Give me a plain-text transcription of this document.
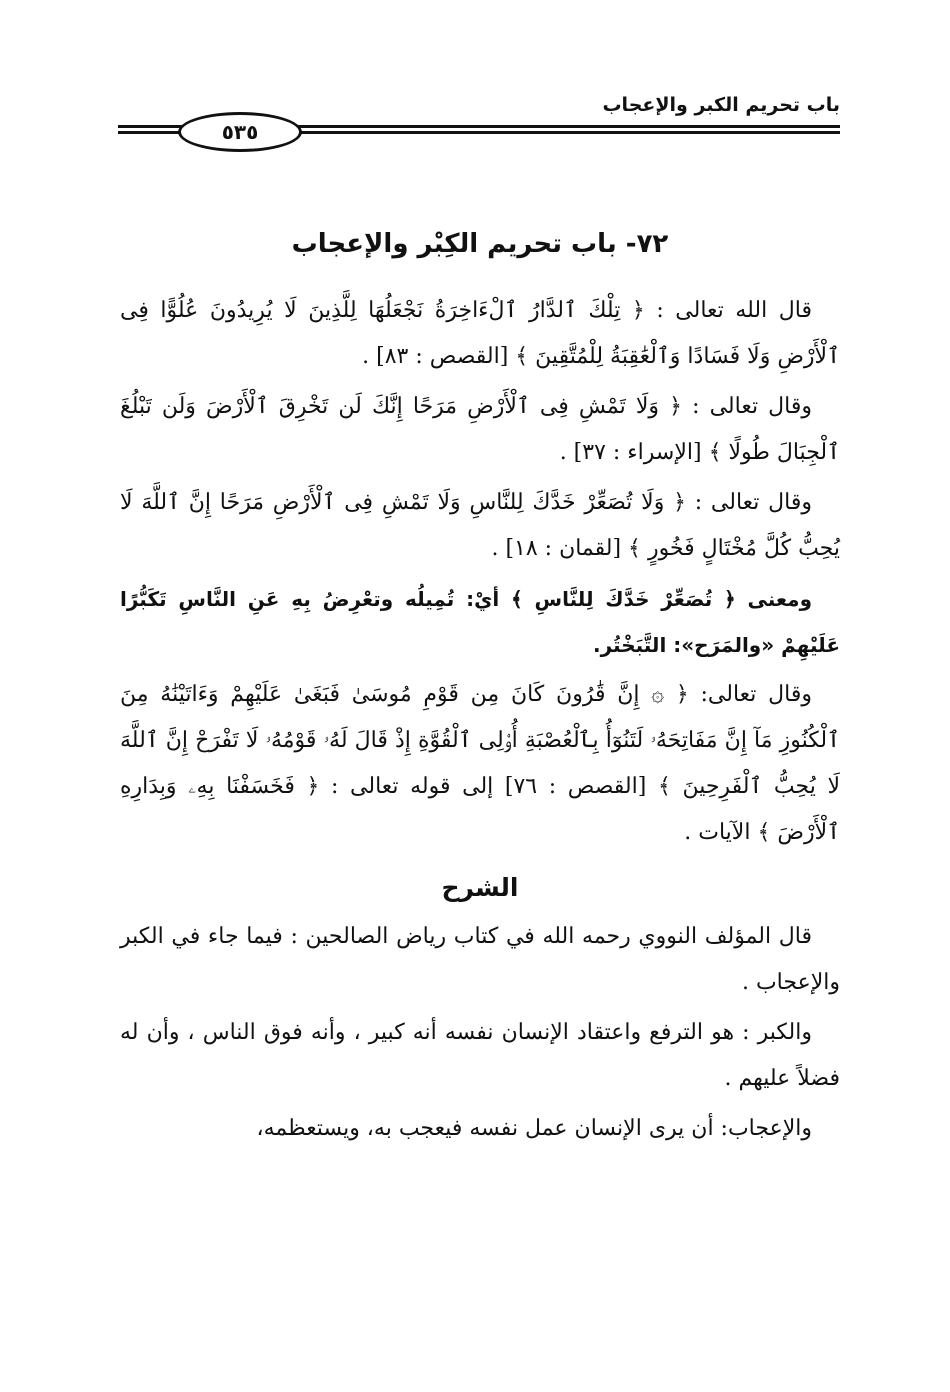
باب تحريم الكبر والإعجاب
٥٣٥
٧٢- باب تحريم الكِبْر والإعجاب

قال الله تعالى : ﴿ تِلْكَ ٱلدَّارُ ٱلْءَاخِرَةُ نَجْعَلُهَا لِلَّذِينَ لَا يُرِيدُونَ عُلُوًّا فِى ٱلْأَرْضِ وَلَا فَسَادًا وَٱلْعَٰقِبَةُ لِلْمُتَّقِينَ ﴾ [القصص : ٨٣] .

وقال تعالى : ﴿ وَلَا تَمْشِ فِى ٱلْأَرْضِ مَرَحًا إِنَّكَ لَن تَخْرِقَ ٱلْأَرْضَ وَلَن تَبْلُغَ ٱلْجِبَالَ طُولًا ﴾ [الإسراء : ٣٧] .

وقال تعالى : ﴿ وَلَا تُصَعِّرْ خَدَّكَ لِلنَّاسِ وَلَا تَمْشِ فِى ٱلْأَرْضِ مَرَحًا إِنَّ ٱللَّهَ لَا يُحِبُّ كُلَّ مُخْتَالٍ فَخُورٍ ﴾ [لقمان : ١٨] .

ومعنى ﴿ تُصَعِّرْ خَدَّكَ لِلنَّاسِ ﴾ أيْ: تُمِيلُه وتعْرِضُ بِهِ عَنِ النَّاسِ تَكَبُّرًا عَلَيْهِمْ «والمَرَح»: التَّبَخْتُر.

وقال تعالى: ﴿ ۞ إِنَّ قَٰرُونَ كَانَ مِن قَوْمِ مُوسَىٰ فَبَغَىٰ عَلَيْهِمْ وَءَاتَيْنَٰهُ مِنَ ٱلْكُنُوزِ مَآ إِنَّ مَفَاتِحَهُۥ لَتَنُوٓأُ بِٱلْعُصْبَةِ أُو۟لِى ٱلْقُوَّةِ إِذْ قَالَ لَهُۥ قَوْمُهُۥ لَا تَفْرَحْ إِنَّ ٱللَّهَ لَا يُحِبُّ ٱلْفَرِحِينَ ﴾ [القصص : ٧٦] إلى قوله تعالى : ﴿ فَخَسَفْنَا بِهِۦ وَبِدَارِهِ ٱلْأَرْضَ ﴾ الآيات .

الشرح

قال المؤلف النووي رحمه الله في كتاب رياض الصالحين : فيما جاء في الكبر والإعجاب .

والكبر : هو الترفع واعتقاد الإنسان نفسه أنه كبير ، وأنه فوق الناس ، وأن له فضلاً عليهم .

والإعجاب: أن يرى الإنسان عمل نفسه فيعجب به، ويستعظمه،
